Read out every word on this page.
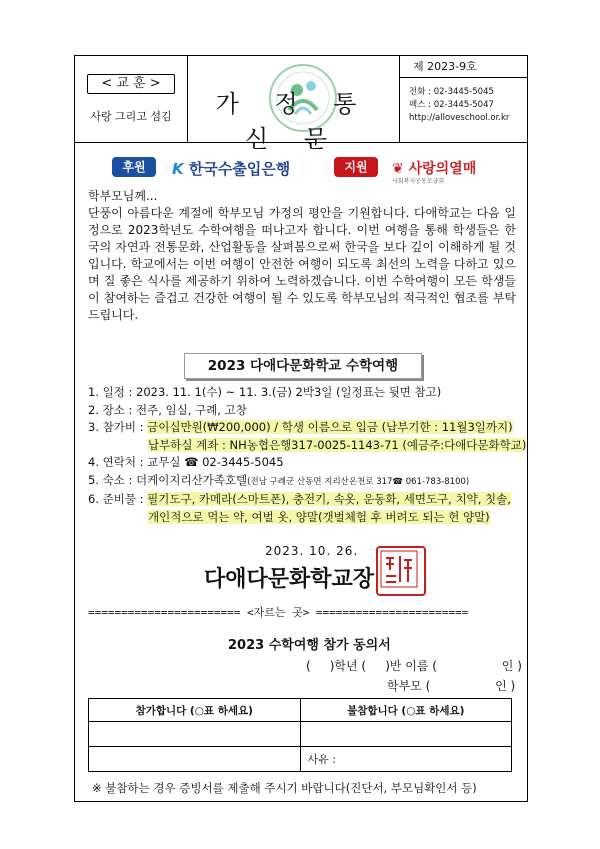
< 교 훈 >
사랑 그리고 섬김	가 정 통 신 문
제 2023-9호
전화 : 02-3445-5045
팩스 : 02-3445-5047
http://alloveschool.or.kr
후원	K 한국수출입은행	지원	❦ 사랑의열매
사회복지공동모금회
학부모님께...
단풍이 아름다운 계절에 학부모님 가정의 평안을 기원합니다. 다애학교는 다음 일정으로 2023학년도 수학여행을 떠나고자 합니다. 이번 여행을 통해 학생들은 한국의 자연과 전통문화, 산업활동을 살펴봄으로써 한국을 보다 깊이 이해하게 될 것입니다. 학교에서는 이번 여행이 안전한 여행이 되도록 최선의 노력을 다하고 있으며 질 좋은 식사를 제공하기 위하여 노력하겠습니다. 이번 수학여행이 모든 학생들이 참여하는 즐겁고 건강한 여행이 될 수 있도록 학부모님의 적극적인 협조를 부탁드립니다.
2023 다애다문화학교 수학여행
1. 일정 : 2023. 11. 1(수) ~ 11. 3.(금) 2박3일 (일정표는 뒷면 참고)
2. 장소 : 전주, 임실, 구례, 고창
3. 참가비 : 금이십만원(₩200,000) / 학생 이름으로 입금 (납부기한 : 11월3일까지)
납부하실 계좌 : NH농협은행317-0025-1143-71 (예금주:다애다문화학교)
4. 연락처 : 교무실 ☎ 02-3445-5045
5. 숙소 : 더케이지리산가족호텔(전남 구례군 산동면 지리산온천로 317☎ 061-783-8100)
6. 준비물 : 필기도구, 카메라(스마트폰), 충전기, 속옷, 운동화, 세면도구, 치약, 칫솔,
개인적으로 먹는 약, 여벌 옷, 양말(갯벌체험 후 버려도 되는 헌 양말)
2023. 10. 26.
다애다문화학교장
======================= <자르는 곳> =======================
2023 수학여행 참가 동의서
(     )학년 (     )반 이름 (                 인 )
학부모 (                 인 )
참가합니다 (○표 하세요)	불참합니다 (○표 하세요)

	사유 :
※ 불참하는 경우 증빙서를 제출해 주시기 바랍니다(진단서, 부모님확인서 등)
